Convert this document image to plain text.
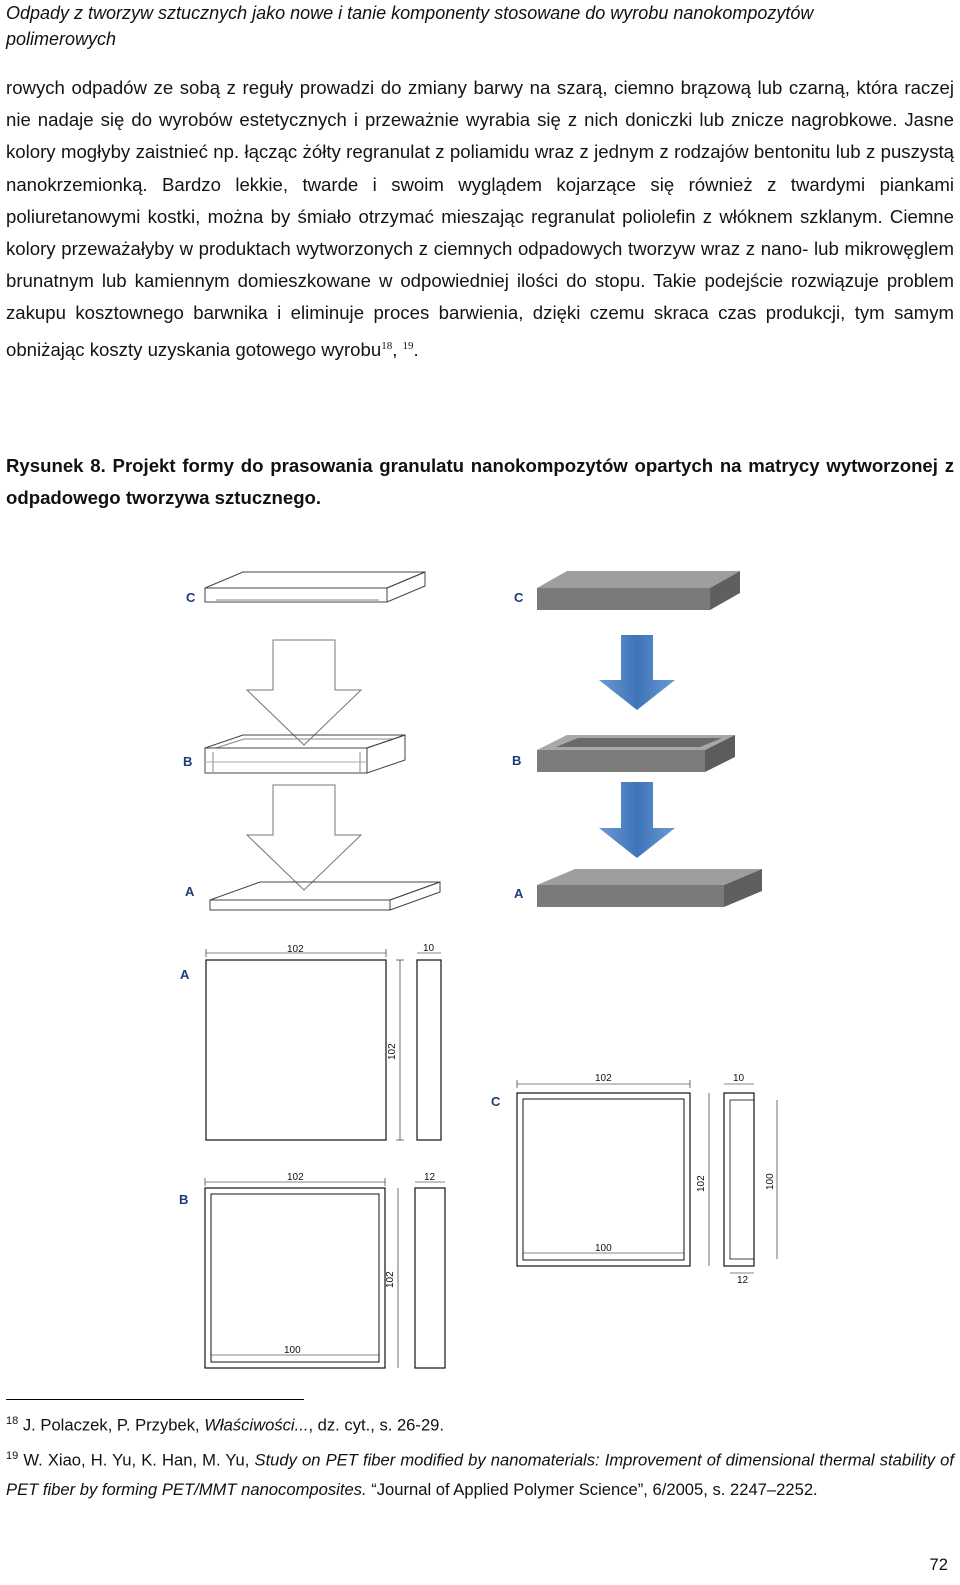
Odpady z tworzyw sztucznych jako nowe i tanie komponenty stosowane do wyrobu nanokompozytów polimerowych

rowych odpadów ze sobą z reguły prowadzi do zmiany barwy na szarą, ciemno brązową lub czarną, która raczej nie nadaje się do wyrobów estetycznych i przeważnie wyrabia się z nich doniczki lub znicze nagrobkowe. Jasne kolory mogłyby zaistnieć np. łącząc żółty regranulat z poliamidu wraz z jednym z rodzajów bentonitu lub z puszystą nanokrzemionką. Bardzo lekkie, twarde i swoim wyglądem kojarzące się również z twardymi piankami poliuretanowymi kostki, można by śmiało otrzymać mieszając regranulat poliolefin z włóknem szklanym. Ciemne kolory przeważałyby w produktach wytworzonych z ciemnych odpadowych tworzyw wraz z nano- lub mikrowęglem brunatnym lub kamiennym domieszkowane w odpowiedniej ilości do stopu. Takie podejście rozwiązuje problem zakupu kosztownego barwnika i eliminuje proces barwienia, dzięki czemu skraca czas produkcji, tym samym obniżając koszty uzyskania gotowego wyrobu$^{18}$, $^{19}$.

Rysunek 8. Projekt formy do prasowania granulatu nanokompozytów opartych na matrycy wytworzonej z odpadowego tworzywa sztucznego.
C
B
A
C
B
A
A
102	10
102
C
102	10
102	100
100
12
B
102	12
102
100

$^{18}$ J. Polaczek, P. Przybek, Właściwości..., dz. cyt., s. 26-29.

$^{19}$ W. Xiao, H. Yu, K. Han, M. Yu, Study on PET fiber modified by nanomaterials: Improvement of dimensional thermal stability of PET fiber by forming PET/MMT nanocomposites. “Journal of Applied Polymer Science”, 6/2005, s. 2247–2252.

72
